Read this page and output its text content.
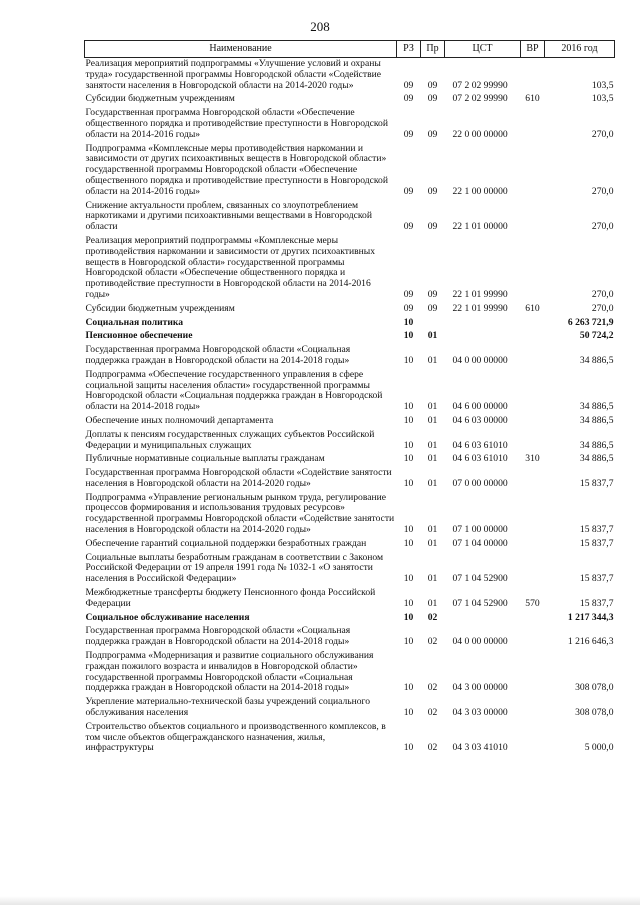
208
Наименование	РЗ	Пр	ЦСТ	ВР	2016 год
Реализация мероприятий подпрограммы «Улучшение условий и охраны труда» государственной программы Новгородской области «Содействие занятости населения в Новгородской области на 2014-2020 годы»	09	09	07 2 02 99990		103,5
Субсидии бюджетным учреждениям	09	09	07 2 02 99990	610	103,5
Государственная программа Новгородской области «Обеспечение общественного порядка и противодействие преступности в Новгородской области на 2014-2016 годы»	09	09	22 0 00 00000		270,0
Подпрограмма «Комплексные меры противодействия наркомании и зависимости от других психоактивных веществ в Новгородской области» государственной программы Новгородской области «Обеспечение общественного порядка и противодействие преступности в Новгородской области на 2014-2016 годы»	09	09	22 1 00 00000		270,0
Снижение актуальности проблем, связанных со злоупотреблением наркотиками и другими психоактивными веществами в Новгородской области	09	09	22 1 01 00000		270,0
Реализация мероприятий подпрограммы «Комплексные меры противодействия наркомании и зависимости от других психоактивных веществ в Новгородской области» государственной программы Новгородской области «Обеспечение общественного порядка и противодействие преступности в Новгородской области на 2014-2016 годы»	09	09	22 1 01 99990		270,0
Субсидии бюджетным учреждениям	09	09	22 1 01 99990	610	270,0
Социальная политика	10				6 263 721,9
Пенсионное обеспечение	10	01			50 724,2
Государственная программа Новгородской области «Социальная поддержка граждан в Новгородской области на 2014-2018 годы»	10	01	04 0 00 00000		34 886,5
Подпрограмма «Обеспечение государственного управления в сфере социальной защиты населения области» государственной программы Новгородской области «Социальная поддержка граждан в Новгородской области на 2014-2018 годы»	10	01	04 6 00 00000		34 886,5
Обеспечение иных полномочий департамента	10	01	04 6 03 00000		34 886,5
Доплаты к пенсиям государственных служащих субъектов Российской Федерации и муниципальных служащих	10	01	04 6 03 61010		34 886,5
Публичные нормативные социальные выплаты гражданам	10	01	04 6 03 61010	310	34 886,5
Государственная программа Новгородской области «Содействие занятости населения в Новгородской области на 2014-2020 годы»	10	01	07 0 00 00000		15 837,7
Подпрограмма «Управление региональным рынком труда, регулирование процессов формирования и использования трудовых ресурсов» государственной программы Новгородской области «Содействие занятости населения в Новгородской области на 2014-2020 годы»	10	01	07 1 00 00000		15 837,7
Обеспечение гарантий социальной поддержки безработных граждан	10	01	07 1 04 00000		15 837,7
Социальные выплаты безработным гражданам в соответствии с Законом Российской Федерации от 19 апреля 1991 года № 1032-1 «О занятости населения в Российской Федерации»	10	01	07 1 04 52900		15 837,7
Межбюджетные трансферты бюджету Пенсионного фонда Российской Федерации	10	01	07 1 04 52900	570	15 837,7
Социальное обслуживание населения	10	02			1 217 344,3
Государственная программа Новгородской области «Социальная поддержка граждан в Новгородской области на 2014-2018 годы»	10	02	04 0 00 00000		1 216 646,3
Подпрограмма «Модернизация и развитие социального обслуживания граждан пожилого возраста и инвалидов в Новгородской области» государственной программы Новгородской области «Социальная поддержка граждан в Новгородской области на 2014-2018 годы»	10	02	04 3 00 00000		308 078,0
Укрепление материально-технической базы учреждений социального обслуживания населения	10	02	04 3 03 00000		308 078,0
Строительство объектов социального и производственного комплексов, в том числе объектов общегражданского назначения, жилья, инфраструктуры	10	02	04 3 03 41010		5 000,0
